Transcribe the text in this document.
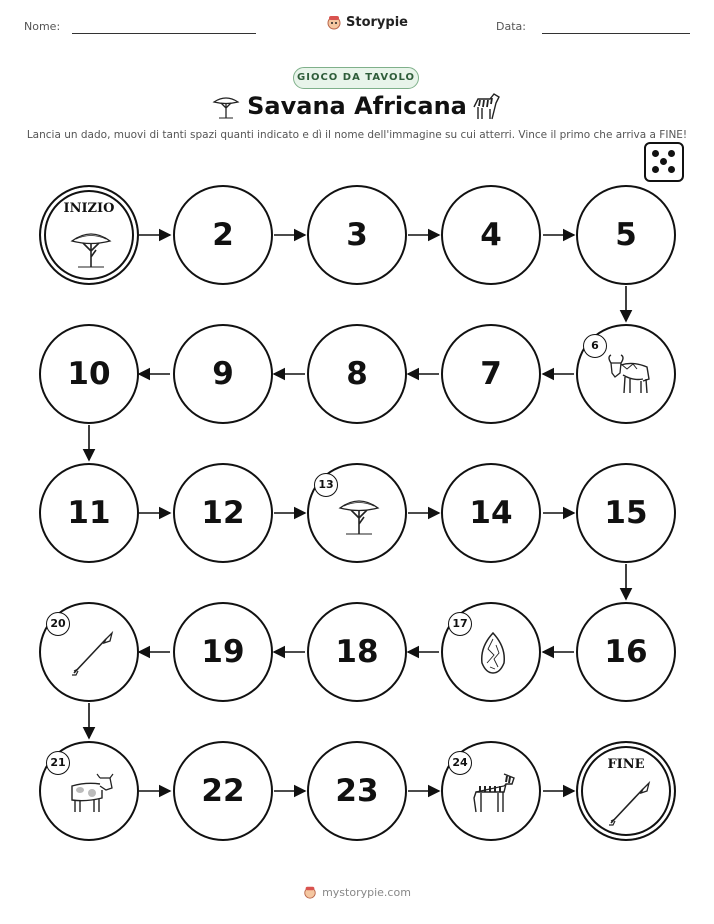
Nome:	Storypie	Data:
GIOCO DA TAVOLO
Savana Africana
Lancia un dado, muovi di tanti spazi quanti indicato e dì il nome dell'immagine su cui atterri. Vince il primo che arriva a FINE!
INIZIO
2	3	4	5
10	9	8	7
6
11	12
13
14	15
20
19	18
17
16
21
22	23
24	FINE
mystorypie.com
